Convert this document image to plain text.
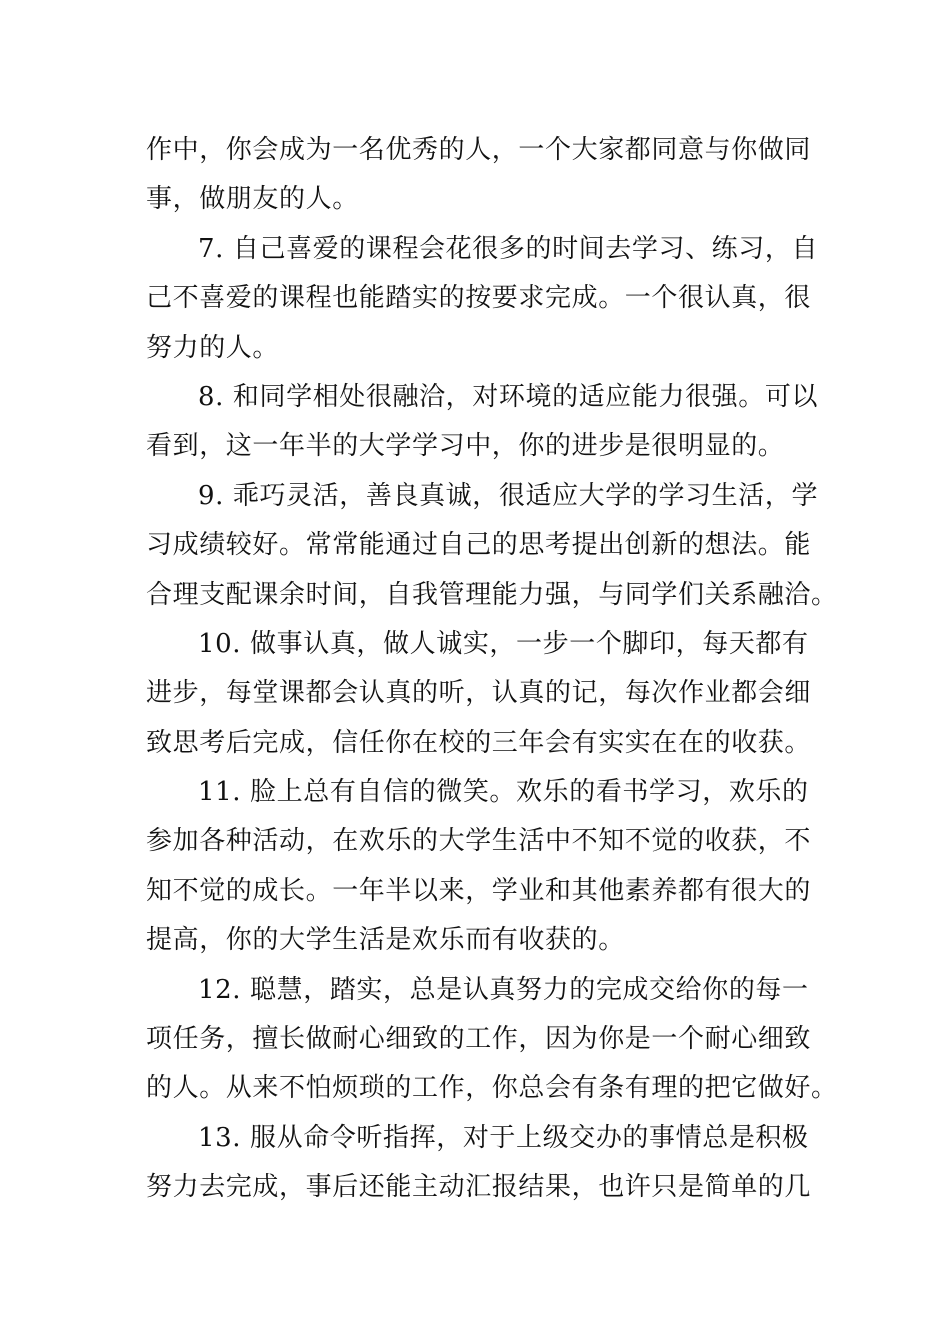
作中，你会成为一名优秀的人，一个大家都同意与你做同
事，做朋友的人。
7. 自己喜爱的课程会花很多的时间去学习、练习，自
己不喜爱的课程也能踏实的按要求完成。一个很认真，很
努力的人。
8. 和同学相处很融洽，对环境的适应能力很强。可以
看到，这一年半的大学学习中，你的进步是很明显的。
9. 乖巧灵活，善良真诚，很适应大学的学习生活，学
习成绩较好。常常能通过自己的思考提出创新的想法。能
合理支配课余时间，自我管理能力强，与同学们关系融洽。
10. 做事认真，做人诚实，一步一个脚印，每天都有
进步，每堂课都会认真的听，认真的记，每次作业都会细
致思考后完成，信任你在校的三年会有实实在在的收获。
11. 脸上总有自信的微笑。欢乐的看书学习，欢乐的
参加各种活动，在欢乐的大学生活中不知不觉的收获，不
知不觉的成长。一年半以来，学业和其他素养都有很大的
提高，你的大学生活是欢乐而有收获的。
12. 聪慧，踏实，总是认真努力的完成交给你的每一
项任务，擅长做耐心细致的工作，因为你是一个耐心细致
的人。从来不怕烦琐的工作，你总会有条有理的把它做好。
13. 服从命令听指挥，对于上级交办的事情总是积极
努力去完成，事后还能主动汇报结果，也许只是简单的几
